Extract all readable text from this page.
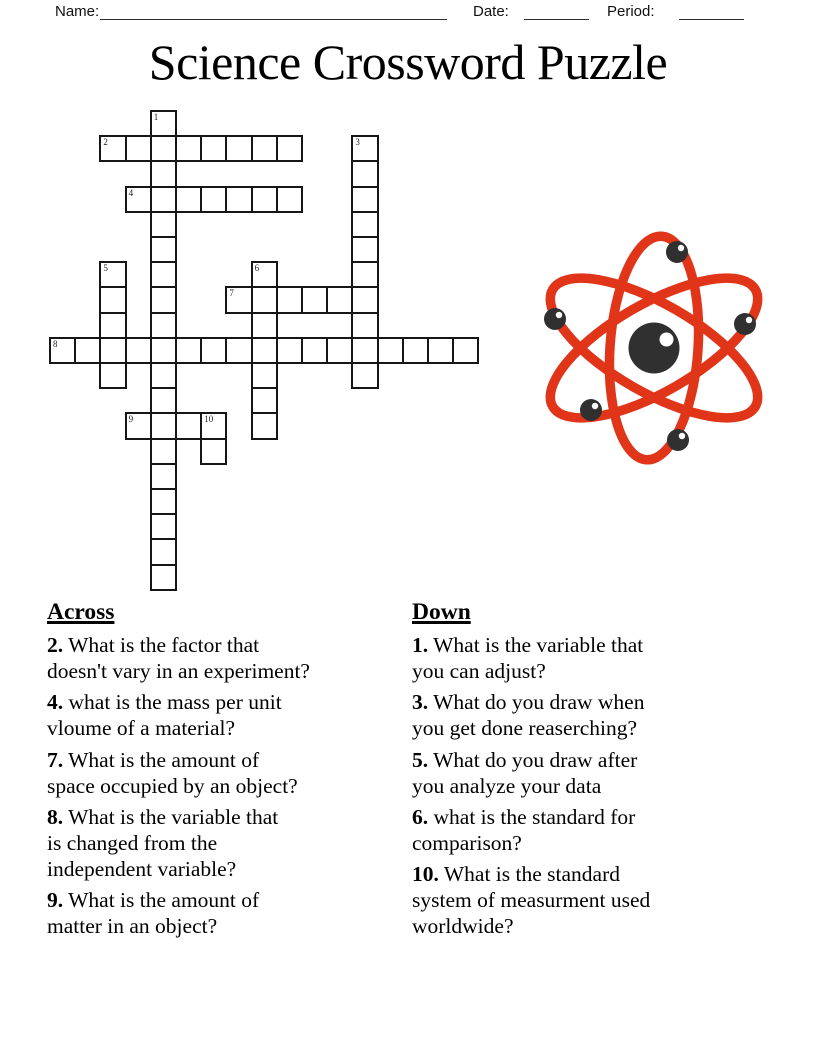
Name:	Date:	Period:
Science Crossword Puzzle
1
2	3
4
5	6
7
8
9	10
Across

2. What is the factor that
doesn't vary in an experiment?

4. what is the mass per unit
vloume of a material?

7. What is the amount of
space occupied by an object?

8. What is the variable that
is changed from the
independent variable?

9. What is the amount of
matter in an object?

Down

1. What is the variable that
you can adjust?

3. What do you draw when
you get done reaserching?

5. What do you draw after
you analyze your data

6. what is the standard for
comparison?

10. What is the standard
system of measurment used
worldwide?
